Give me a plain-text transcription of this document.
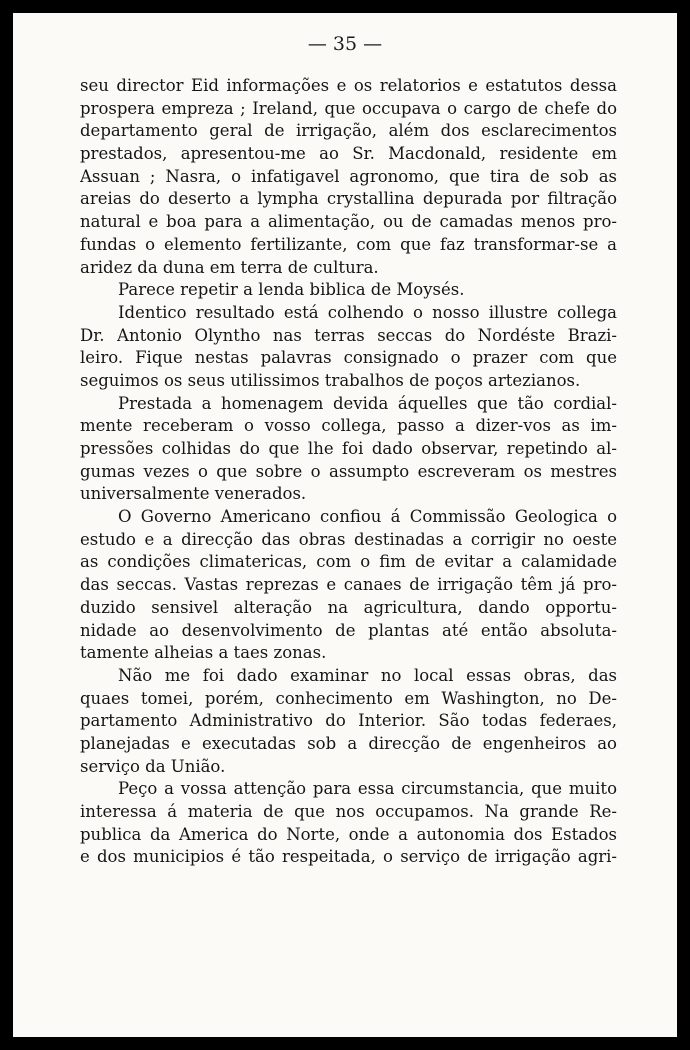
— 35 —
seu director Eid informações e os relatorios e estatutos dessa
prospera empreza ; Ireland, que occupava o cargo de chefe do
departamento geral de irrigação, além dos esclarecimentos
prestados, apresentou-me ao Sr. Macdonald, residente em
Assuan ; Nasra, o infatigavel agronomo, que tira de sob as
areias do deserto a lympha crystallina depurada por filtração
natural e boa para a alimentação, ou de camadas menos pro-
fundas o elemento fertilizante, com que faz transformar-se a
aridez da duna em terra de cultura.
Parece repetir a lenda biblica de Moysés.
Identico resultado está colhendo o nosso illustre collega
Dr. Antonio Olyntho nas terras seccas do Nordéste Brazi-
leiro. Fique nestas palavras consignado o prazer com que
seguimos os seus utilissimos trabalhos de poços artezianos.
Prestada a homenagem devida áquelles que tão cordial-
mente receberam o vosso collega, passo a dizer-vos as im-
pressões colhidas do que lhe foi dado observar, repetindo al-
gumas vezes o que sobre o assumpto escreveram os mestres
universalmente venerados.
O Governo Americano confiou á Commissão Geologica o
estudo e a direcção das obras destinadas a corrigir no oeste
as condições climatericas, com o fim de evitar a calamidade
das seccas. Vastas reprezas e canaes de irrigação têm já pro-
duzido sensivel alteração na agricultura, dando opportu-
nidade ao desenvolvimento de plantas até então absoluta-
tamente alheias a taes zonas.
Não me foi dado examinar no local essas obras, das
quaes tomei, porém, conhecimento em Washington, no De-
partamento Administrativo do Interior. São todas federaes,
planejadas e executadas sob a direcção de engenheiros ao
serviço da União.
Peço a vossa attenção para essa circumstancia, que muito
interessa á materia de que nos occupamos. Na grande Re-
publica da America do Norte, onde a autonomia dos Estados
e dos municipios é tão respeitada, o serviço de irrigação agri-
